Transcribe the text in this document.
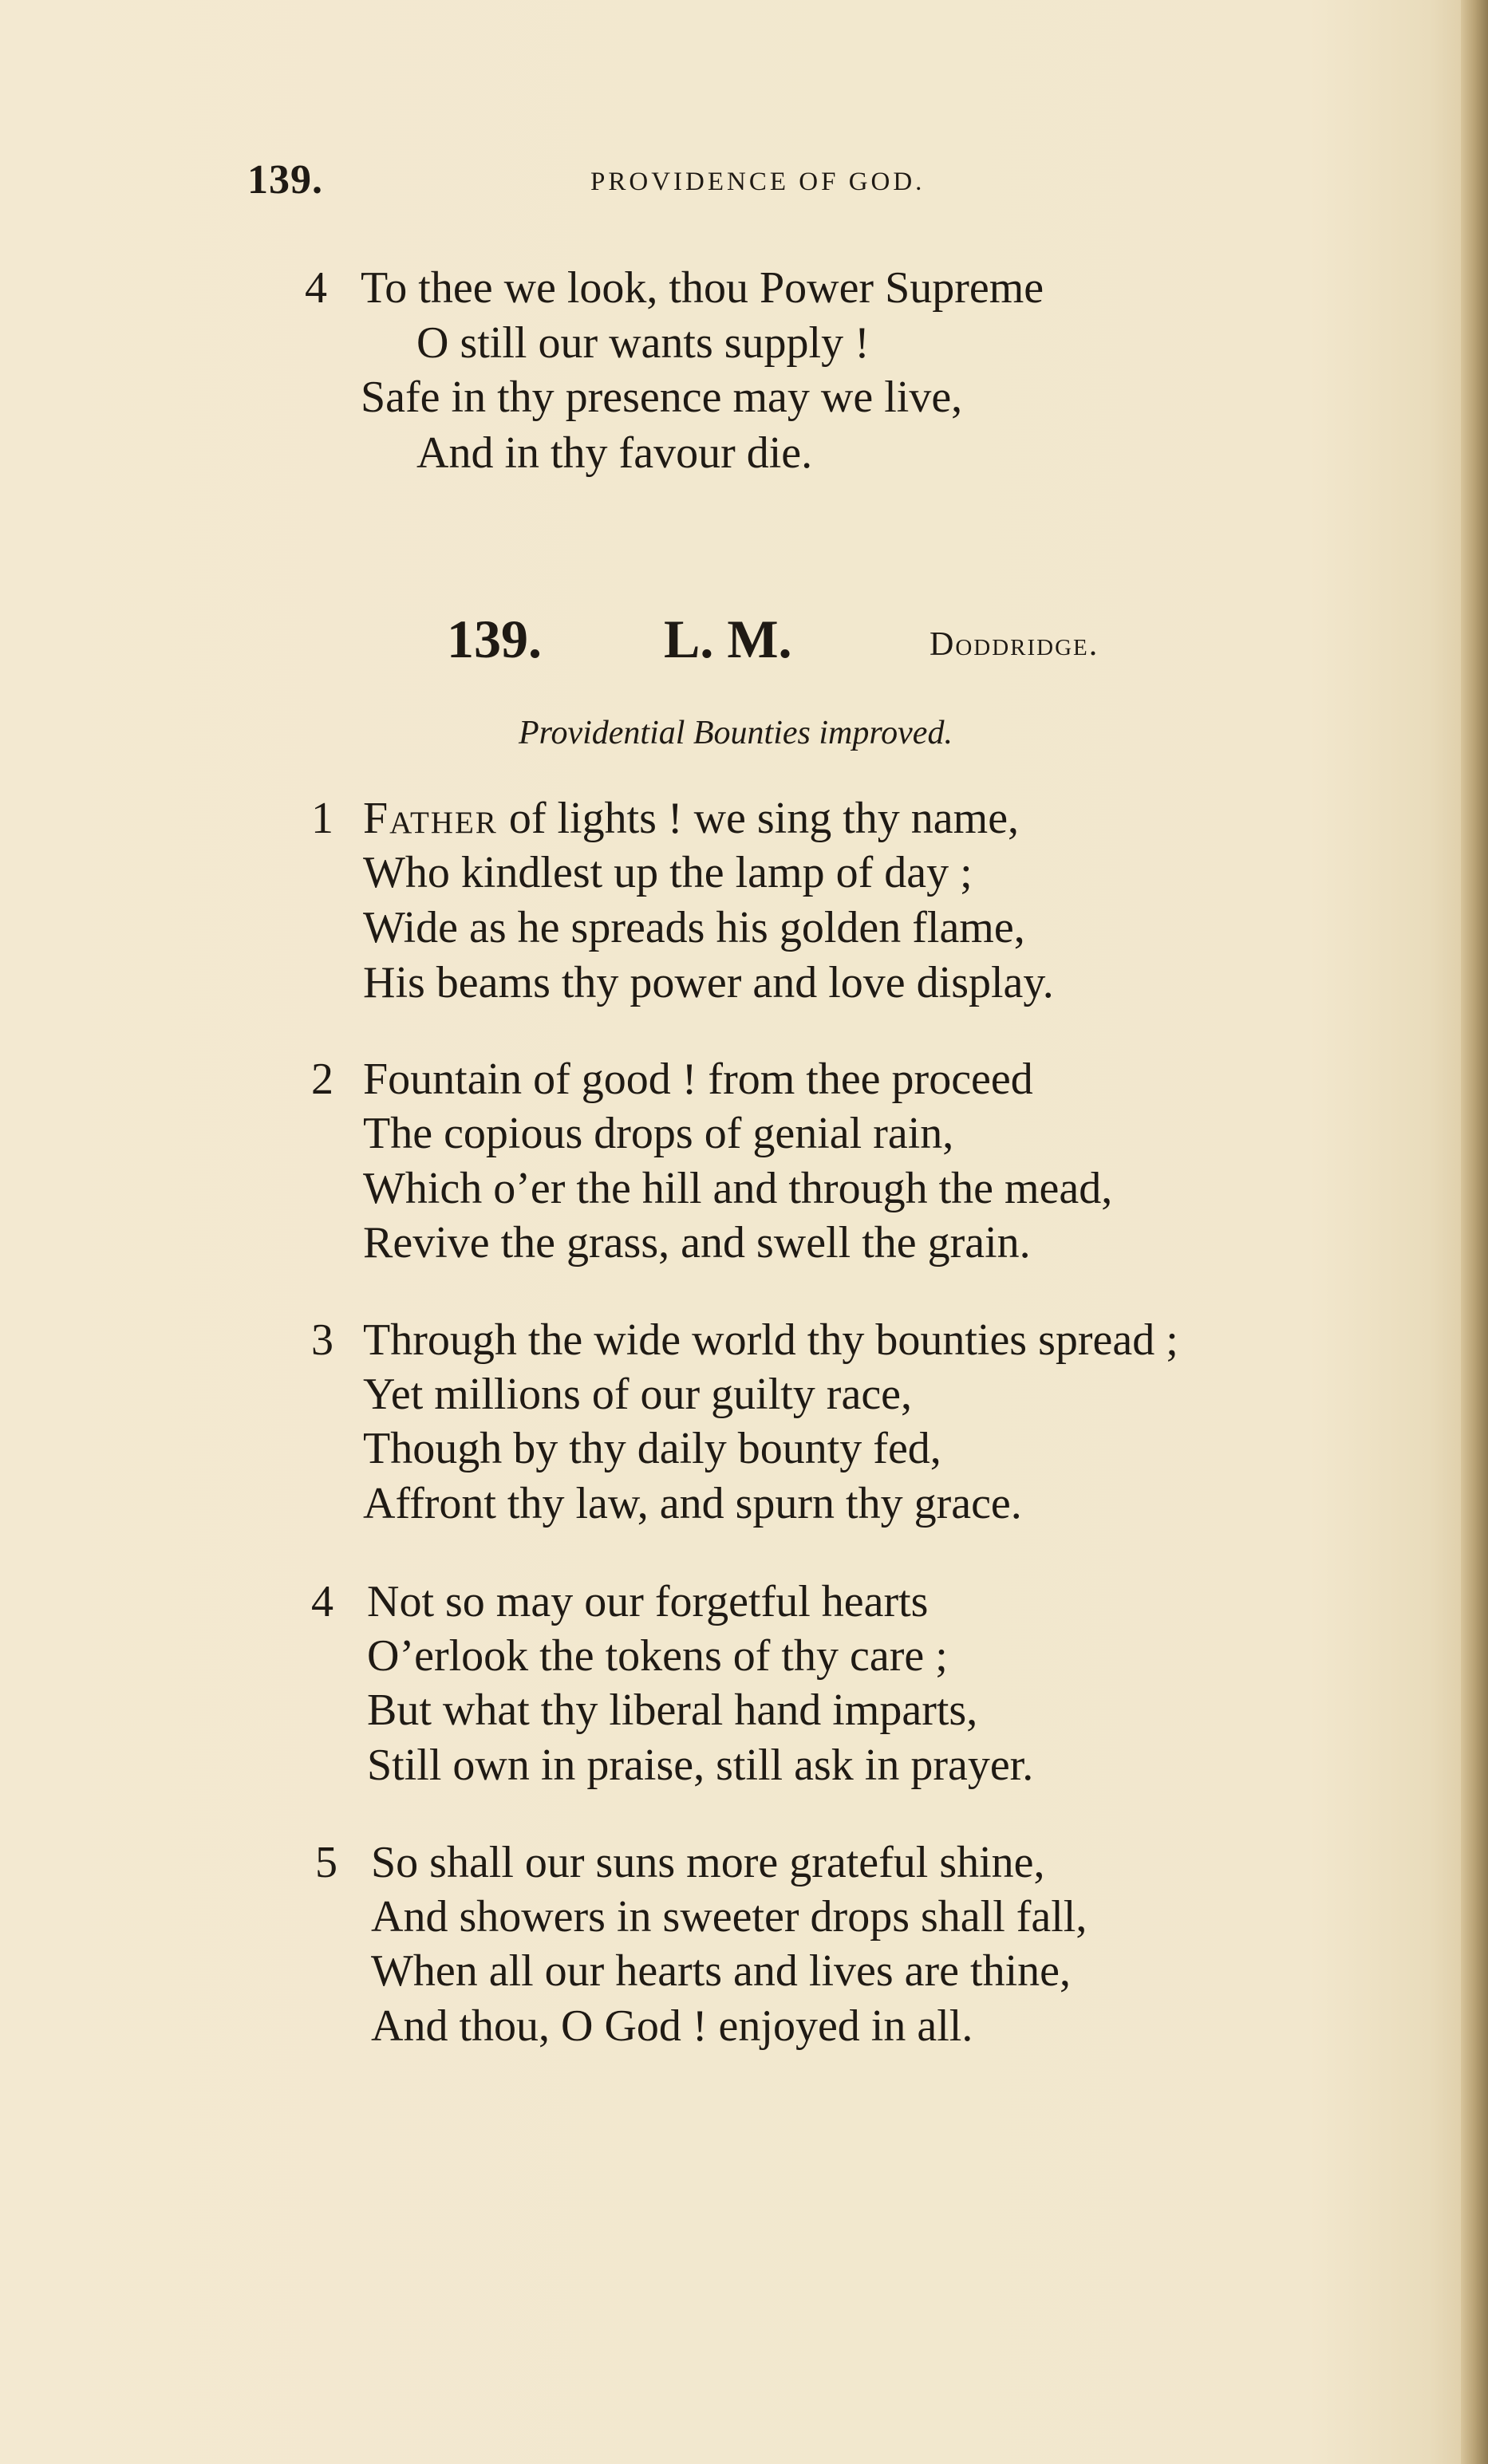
139.	PROVIDENCE OF GOD.
4 To thee we look, thou Power Supreme
O still our wants supply !
Safe in thy presence may we live,
And in thy favour die.
139. L. M.	Doddridge.
Providential Bounties improved.
1 Father of lights ! we sing thy name,
Who kindlest up the lamp of day ;
Wide as he spreads his golden flame,
His beams thy power and love display.
2 Fountain of good ! from thee proceed
The copious drops of genial rain,
Which o’er the hill and through the mead,
Revive the grass, and swell the grain.
3 Through the wide world thy bounties spread ;
Yet millions of our guilty race,
Though by thy daily bounty fed,
Affront thy law, and spurn thy grace.
4 Not so may our forgetful hearts
O’erlook the tokens of thy care ;
But what thy liberal hand imparts,
Still own in praise, still ask in prayer.
5 So shall our suns more grateful shine,
And showers in sweeter drops shall fall,
When all our hearts and lives are thine,
And thou, O God ! enjoyed in all.
